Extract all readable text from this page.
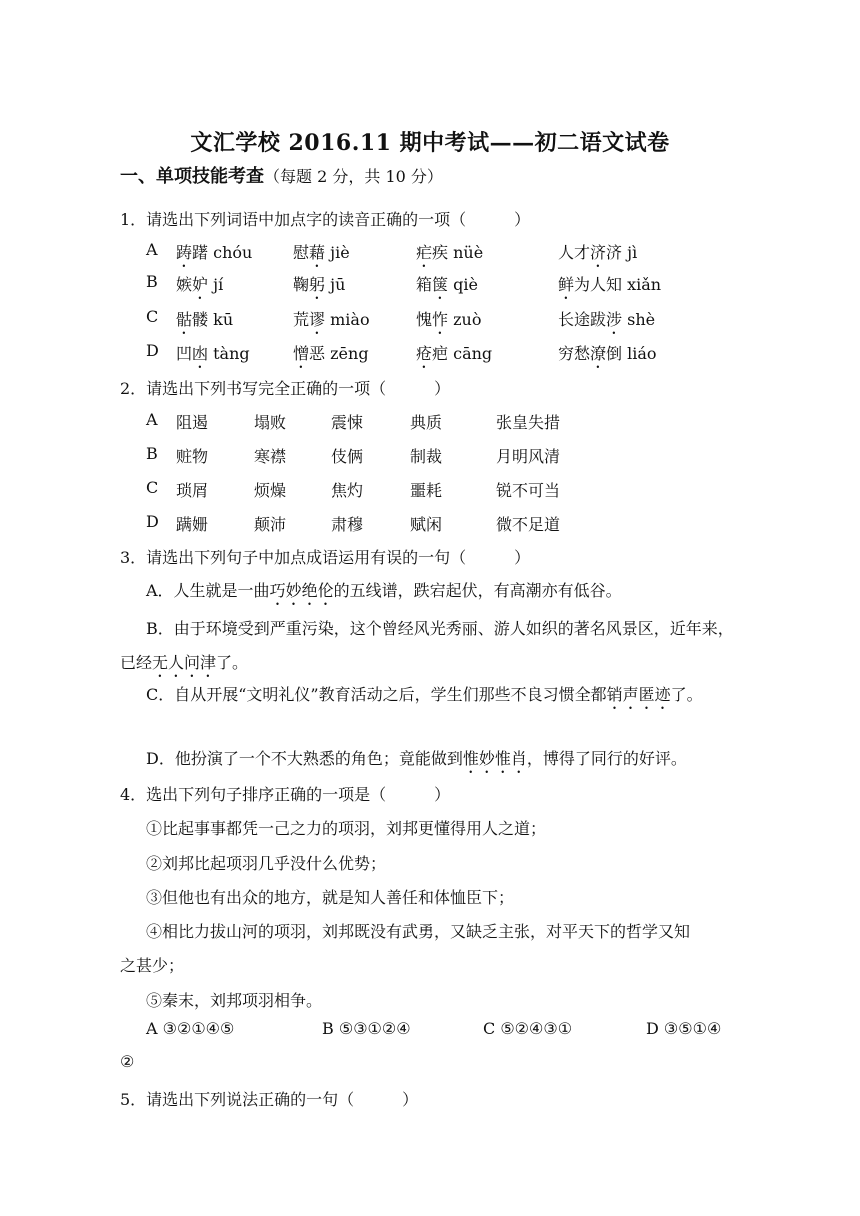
文汇学校 2016.11 期中考试——初二语文试卷
一、单项技能考查（每题 2 分，共 10 分）
1．请选出下列词语中加点字的读音正确的一项（　　　）
A 踌躇 chóu	慰藉 jiè	疟疾 nüè	人才济济 jì
B 嫉妒 jí	鞠躬 jū	箱箧 qiè	鲜为人知 xiǎn
C 骷髅 kū	荒谬 miào	愧怍 zuò	长途跋涉 shè
D 凹凼 tàng	憎恶 zēng	疮疤 cāng	穷愁潦倒 liáo
2．请选出下列书写完全正确的一项（　　　）
A 阻遏	塌败	震悚	典质	张皇失措
B 赃物	寒襟	伎俩	制裁	月明风清
C 琐屑	烦燥	焦灼	噩耗	锐不可当
D 蹒姗	颠沛	肃穆	赋闲	微不足道
3．请选出下列句子中加点成语运用有误的一句（　　　）
A．人生就是一曲巧妙绝伦的五线谱，跌宕起伏，有高潮亦有低谷。
B．由于环境受到严重污染，这个曾经风光秀丽、游人如织的著名风景区，近年来，已经无人问津了。
C．自从开展“文明礼仪”教育活动之后，学生们那些不良习惯全都销声匿迹了。
D．他扮演了一个不大熟悉的角色；竟能做到惟妙惟肖，博得了同行的好评。
4．选出下列句子排序正确的一项是（　　　）
①比起事事都凭一己之力的项羽，刘邦更懂得用人之道；
②刘邦比起项羽几乎没什么优势；
③但他也有出众的地方，就是知人善任和体恤臣下；
④相比力拔山河的项羽，刘邦既没有武勇，又缺乏主张，对平天下的哲学又知
之甚少；
⑤秦末，刘邦项羽相争。
A ③②①④⑤	B ⑤③①②④	C ⑤②④③①	D ③⑤①④
②
5．请选出下列说法正确的一句（　　　）
